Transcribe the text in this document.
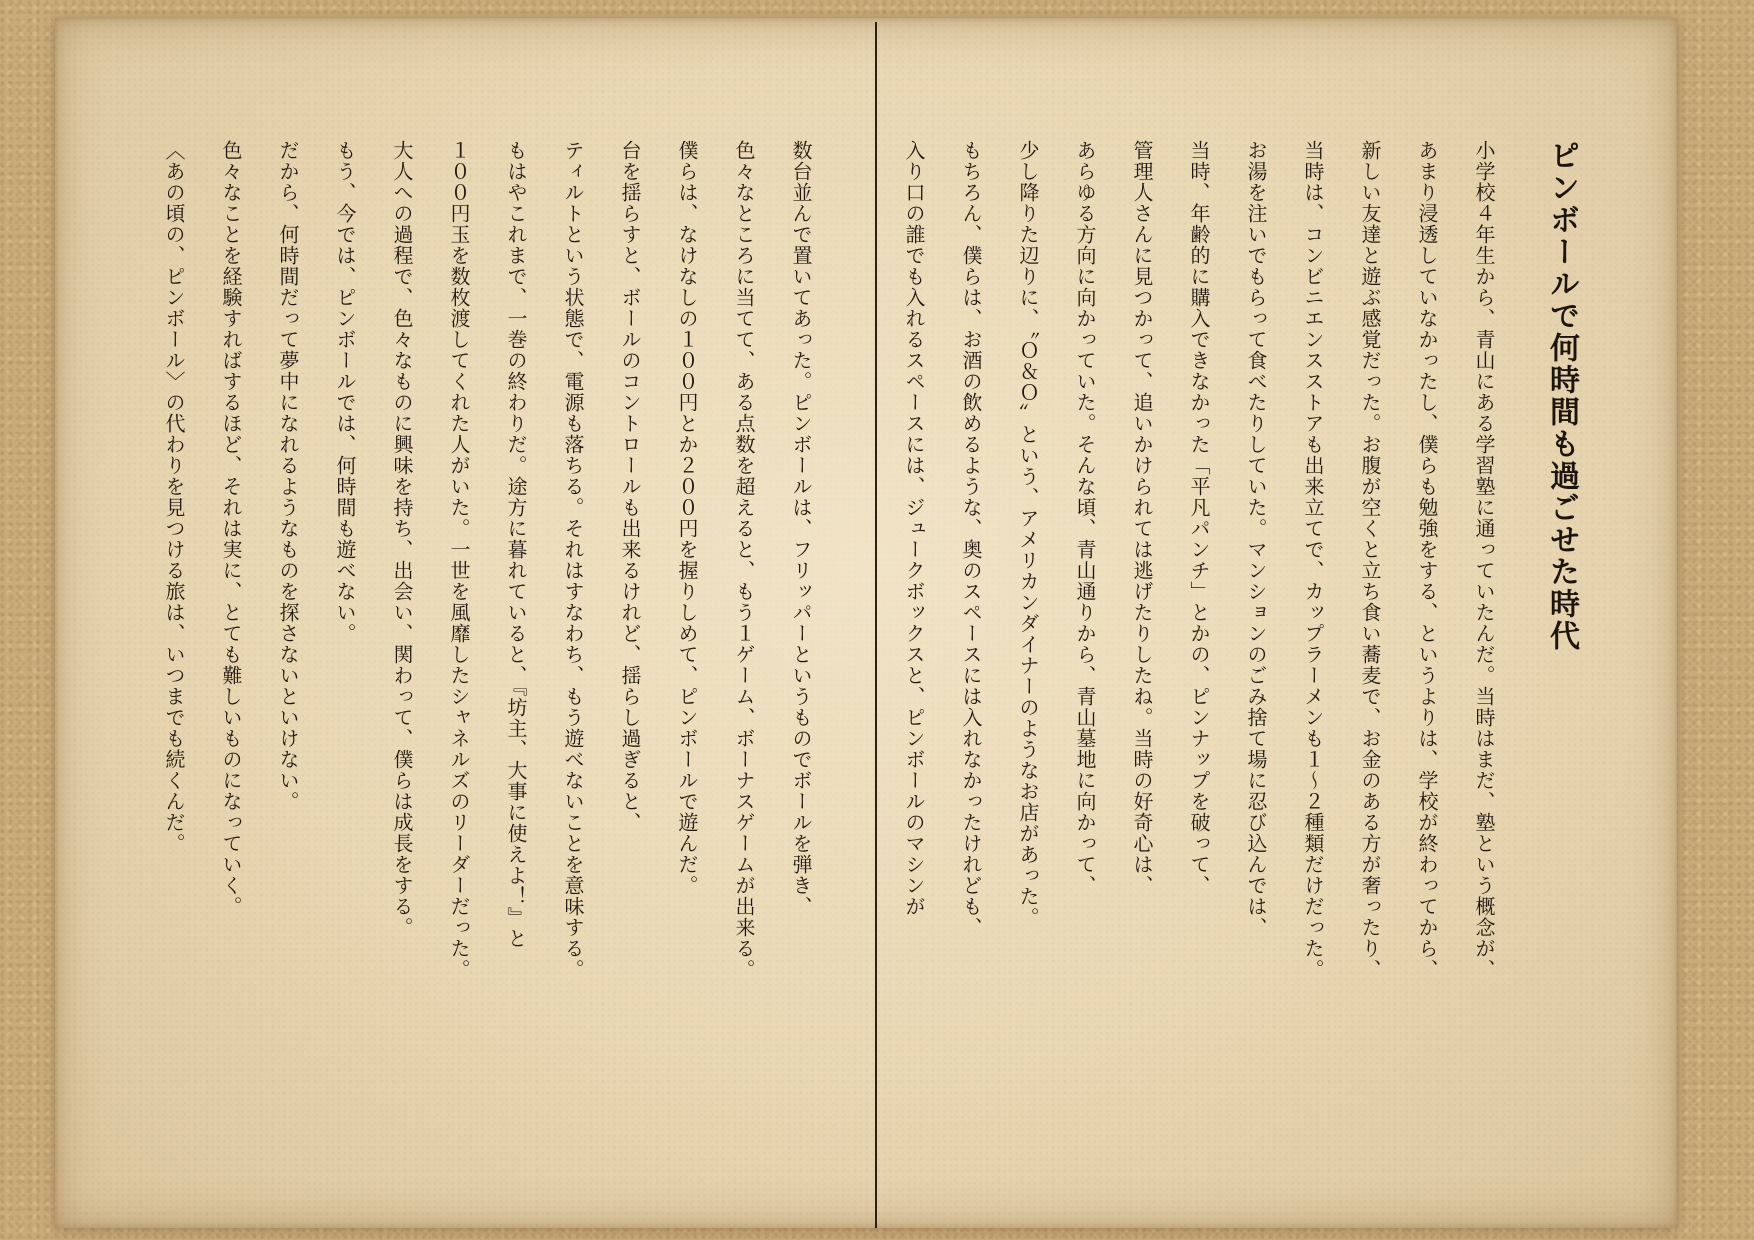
ピンボールで何時間も過ごせた時代

小学校４年生から、青山にある学習塾に通っていたんだ。当時はまだ、塾という概念が、
あまり浸透していなかったし、僕らも勉強をする、というよりは、学校が終わってから、
新しい友達と遊ぶ感覚だった。お腹が空くと立ち食い蕎麦で、お金のある方が奢ったり、
当時は、コンビニエンスストアも出来立てで、カップラーメンも１〜２種類だけだった。
お湯を注いでもらって食べたりしていた。マンションのごみ捨て場に忍び込んでは、
当時、年齢的に購入できなかった「平凡パンチ」とかの、ピンナップを破って、
管理人さんに見つかって、追いかけられては逃げたりしたね。当時の好奇心は、
あらゆる方向に向かっていた。そんな頃、青山通りから、青山墓地に向かって、
少し降りた辺りに、〝Ｏ＆Ｏ〟という、アメリカンダイナーのようなお店があった。
もちろん、僕らは、お酒の飲めるような、奥のスペースには入れなかったけれども、
入り口の誰でも入れるスペースには、ジュークボックスと、ピンボールのマシンが

数台並んで置いてあった。ピンボールは、フリッパーというものでボールを弾き、
色々なところに当てて、ある点数を超えると、もう１ゲーム、ボーナスゲームが出来る。
僕らは、なけなしの１００円とか２００円を握りしめて、ピンボールで遊んだ。
台を揺らすと、ボールのコントロールも出来るけれど、揺らし過ぎると、
ティルトという状態で、電源も落ちる。それはすなわち、もう遊べないことを意味する。
もはやこれまで、一巻の終わりだ。途方に暮れていると、『坊主、大事に使えよ！』と
１００円玉を数枚渡してくれた人がいた。一世を風靡したシャネルズのリーダーだった。
大人への過程で、色々なものに興味を持ち、出会い、関わって、僕らは成長をする。
もう、今では、ピンボールでは、何時間も遊べない。
だから、何時間だって夢中になれるようなものを探さないといけない。
色々なことを経験すればするほど、それは実に、とても難しいものになっていく。
〈あの頃の、ピンボール〉の代わりを見つける旅は、いつまでも続くんだ。
